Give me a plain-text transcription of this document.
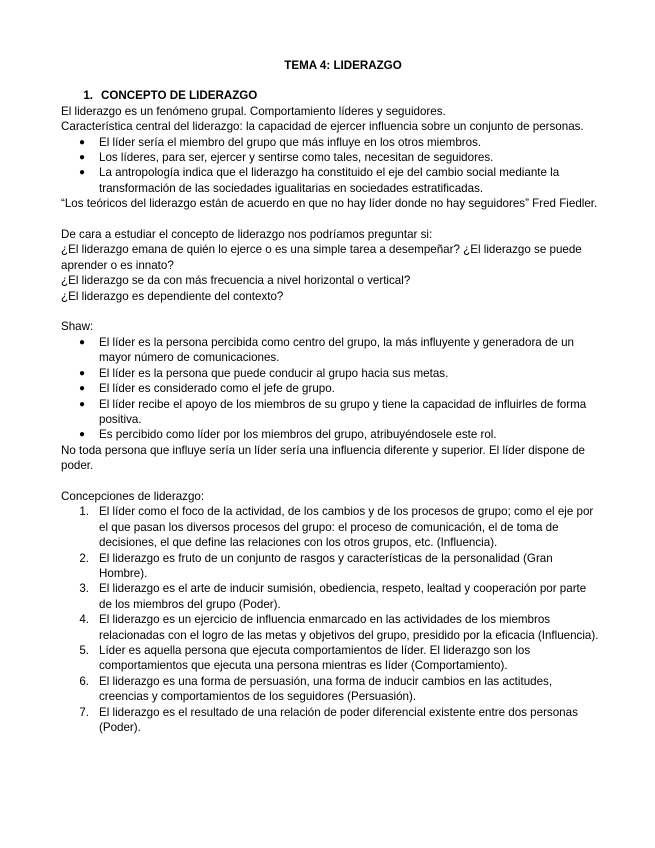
TEMA 4: LIDERAZGO

1. CONCEPTO DE LIDERAZGO

El liderazgo es un fenómeno grupal. Comportamiento líderes y seguidores.

Característica central del liderazgo: la capacidad de ejercer influencia sobre un conjunto de personas.

●	El líder sería el miembro del grupo que más influye en los otros miembros.
●	Los líderes, para ser, ejercer y sentirse como tales, necesitan de seguidores.
●	La antropología indica que el liderazgo ha constituido el eje del cambio social mediante la transformación de las sociedades igualitarias en sociedades estratificadas.

“Los teóricos del liderazgo están de acuerdo en que no hay líder donde no hay seguidores” Fred Fiedler.

De cara a estudiar el concepto de liderazgo nos podríamos preguntar si:

¿El liderazgo emana de quién lo ejerce o es una simple tarea a desempeñar? ¿El liderazgo se puede aprender o es innato?

¿El liderazgo se da con más frecuencia a nivel horizontal o vertical?

¿El liderazgo es dependiente del contexto?

Shaw:

●	El líder es la persona percibida como centro del grupo, la más influyente y generadora de un mayor número de comunicaciones.
●	El líder es la persona que puede conducir al grupo hacia sus metas.
●	El líder es considerado como el jefe de grupo.
●	El líder recibe el apoyo de los miembros de su grupo y tiene la capacidad de influirles de forma positiva.
●	Es percibido como líder por los miembros del grupo, atribuyéndosele este rol.

No toda persona que influye sería un líder sería una influencia diferente y superior. El líder dispone de poder.

Concepciones de liderazgo:

1. El líder como el foco de la actividad, de los cambios y de los procesos de grupo; como el eje por el que pasan los diversos procesos del grupo: el proceso de comunicación, el de toma de decisiones, el que define las relaciones con los otros grupos, etc. (Influencia).
2. El liderazgo es fruto de un conjunto de rasgos y características de la personalidad (Gran Hombre).
3. El liderazgo es el arte de inducir sumisión, obediencia, respeto, lealtad y cooperación por parte de los miembros del grupo (Poder).
4. El liderazgo es un ejercicio de influencia enmarcado en las actividades de los miembros relacionadas con el logro de las metas y objetivos del grupo, presidido por la eficacia (Influencia).
5. Líder es aquella persona que ejecuta comportamientos de líder. El liderazgo son los comportamientos que ejecuta una persona mientras es líder (Comportamiento).
6. El liderazgo es una forma de persuasión, una forma de inducir cambios en las actitudes, creencias y comportamientos de los seguidores (Persuasión).
7. El liderazgo es el resultado de una relación de poder diferencial existente entre dos personas (Poder).
